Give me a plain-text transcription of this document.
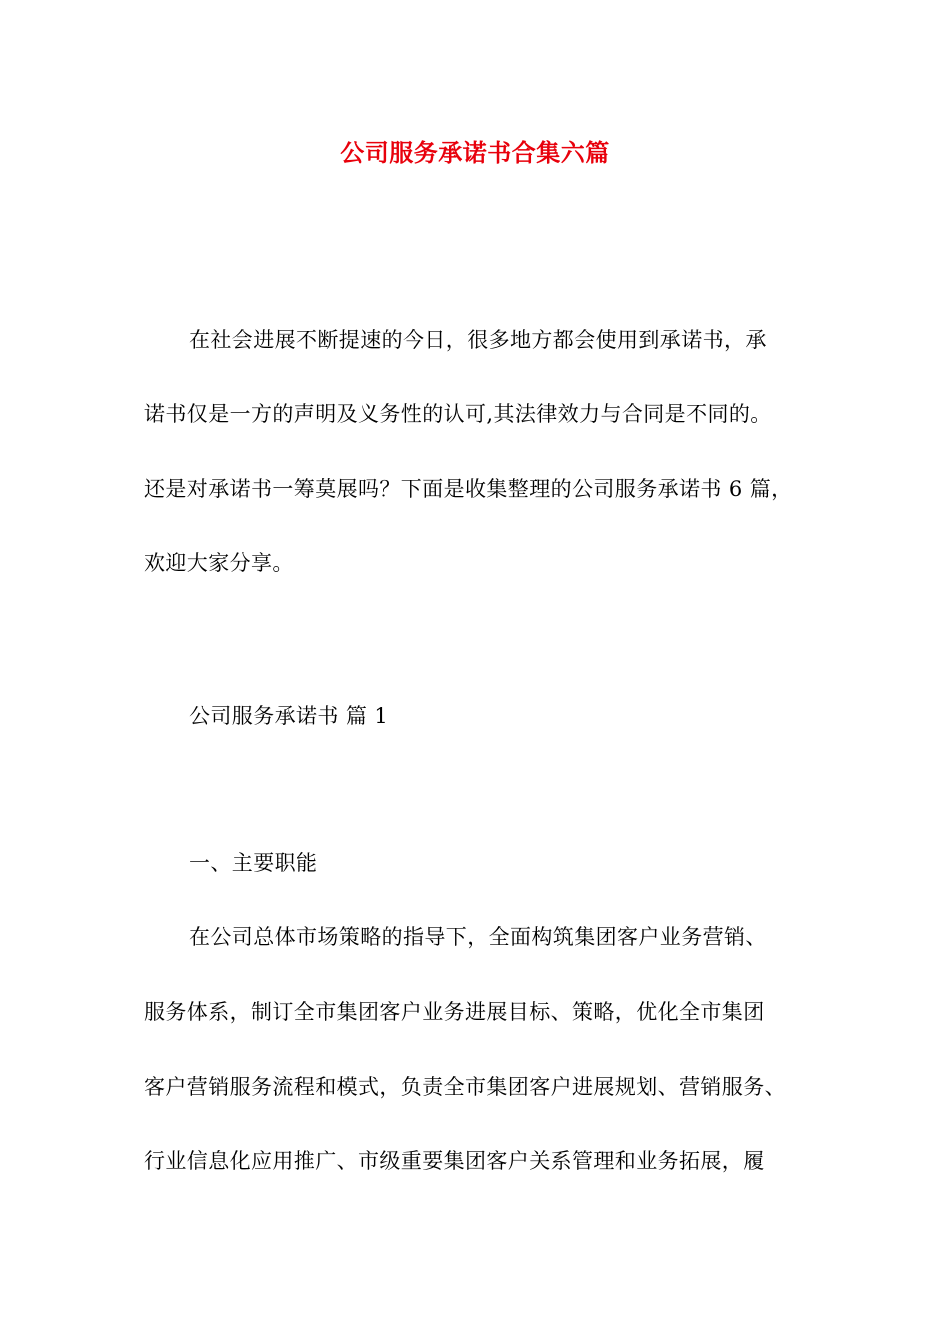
公司服务承诺书合集六篇
在社会进展不断提速的今日，很多地方都会使用到承诺书，承
诺书仅是一方的声明及义务性的认可,其法律效力与合同是不同的。
还是对承诺书一筹莫展吗？下面是收集整理的公司服务承诺书 6 篇，
欢迎大家分享。
公司服务承诺书 篇 1
一、主要职能
在公司总体市场策略的指导下，全面构筑集团客户业务营销、
服务体系，制订全市集团客户业务进展目标、策略，优化全市集团
客户营销服务流程和模式，负责全市集团客户进展规划、营销服务、
行业信息化应用推广、市级重要集团客户关系管理和业务拓展，履
